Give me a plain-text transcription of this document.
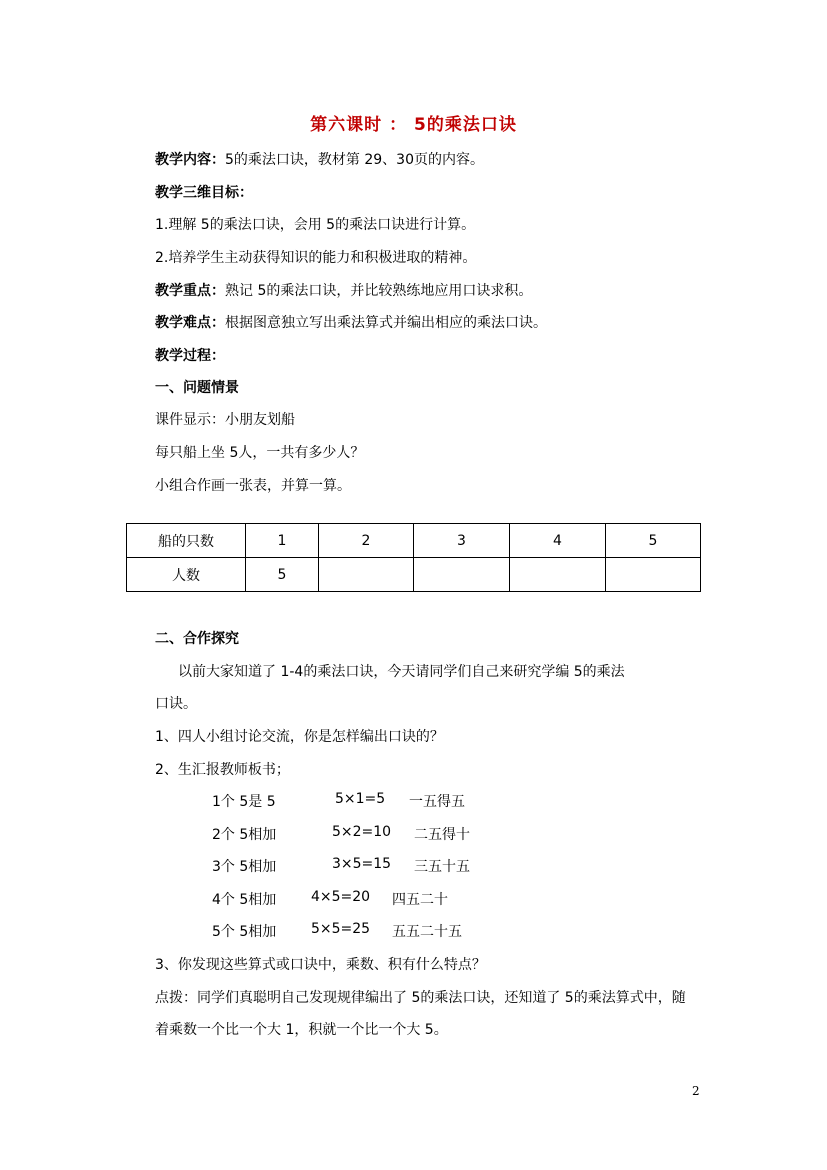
第六课时 ： 5的乘法口诀
教学内容：5的乘法口诀，教材第 29、30页的内容。
教学三维目标：
1.理解 5的乘法口诀，会用 5的乘法口诀进行计算。
2.培养学生主动获得知识的能力和积极进取的精神。
教学重点：熟记 5的乘法口诀，并比较熟练地应用口诀求积。
教学难点：根据图意独立写出乘法算式并编出相应的乘法口诀。
教学过程：
一、问题情景
课件显示：小朋友划船
每只船上坐 5人，一共有多少人？
小组合作画一张表，并算一算。
船的只数	1	2	3	4	5
人数	5				
二、合作探究
以前大家知道了 1-4的乘法口诀，今天请同学们自己来研究学编 5的乘法
口诀。
1、四人小组讨论交流，你是怎样编出口诀的？
2、生汇报教师板书；
1个 5是 5	5×1=5 一五得五
2个 5相加	5×2=10 二五得十
3个 5相加	3×5=15 三五十五
4个 5相加 4×5=20 四五二十
5个 5相加 5×5=25 五五二十五
3、你发现这些算式或口诀中，乘数、积有什么特点？
点拨：同学们真聪明自己发现规律编出了 5的乘法口诀，还知道了 5的乘法算式中，随
着乘数一个比一个大 1，积就一个比一个大 5。
2
